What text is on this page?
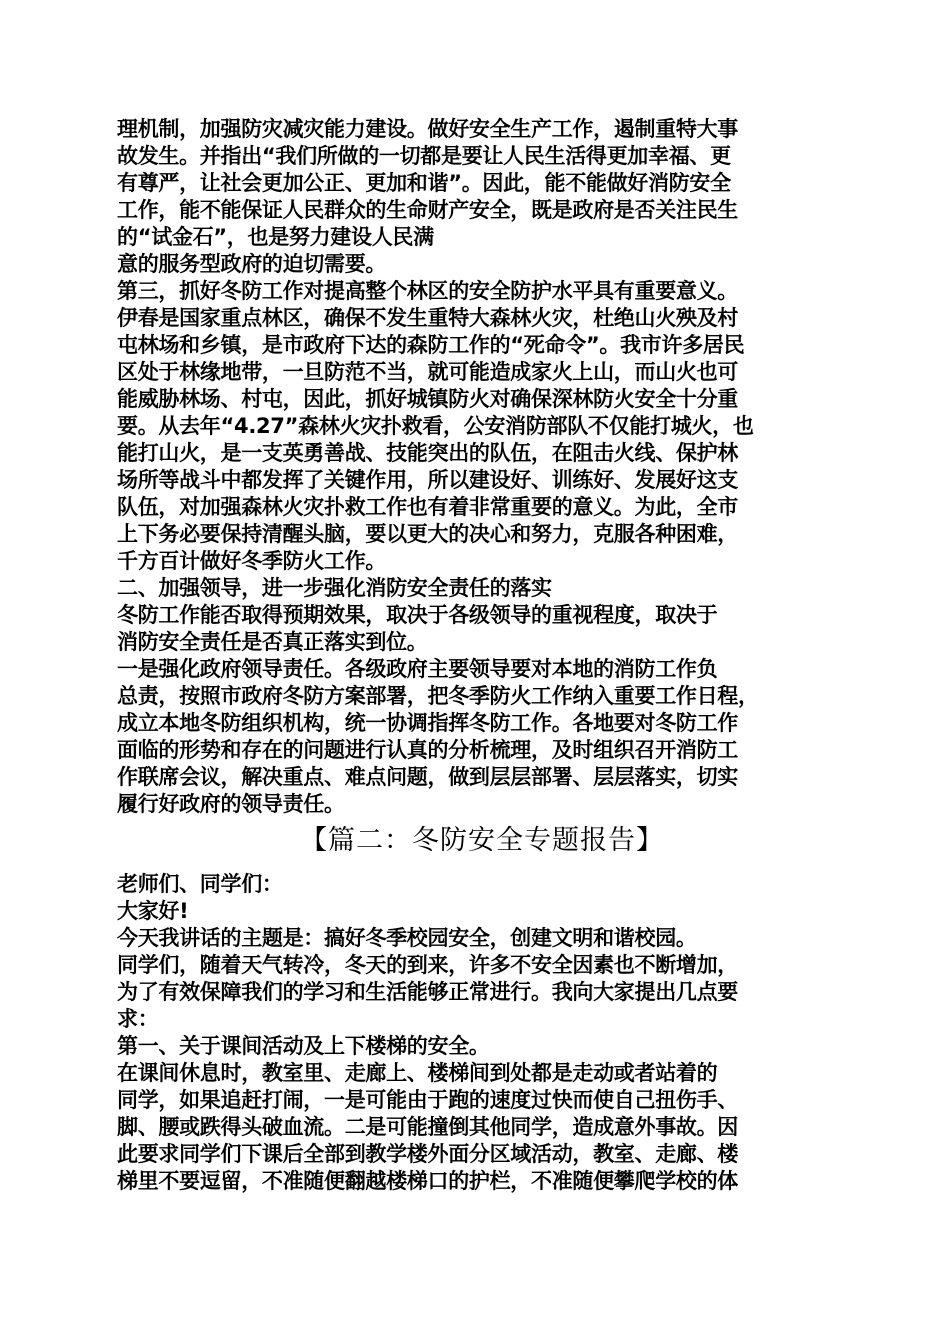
理机制，加强防灾减灾能力建设。做好安全生产工作，遏制重特大事
故发生。并指出“我们所做的一切都是要让人民生活得更加幸福、更
有尊严，让社会更加公正、更加和谐”。因此，能不能做好消防安全
工作，能不能保证人民群众的生命财产安全，既是政府是否关注民生
的“试金石”，也是努力建设人民满
意的服务型政府的迫切需要。
第三，抓好冬防工作对提高整个林区的安全防护水平具有重要意义。
伊春是国家重点林区，确保不发生重特大森林火灾，杜绝山火殃及村
屯林场和乡镇，是市政府下达的森防工作的“死命令”。我市许多居民
区处于林缘地带，一旦防范不当，就可能造成家火上山，而山火也可
能威胁林场、村屯，因此，抓好城镇防火对确保深林防火安全十分重
要。从去年“4.27”森林火灾扑救看，公安消防部队不仅能打城火，也
能打山火，是一支英勇善战、技能突出的队伍，在阻击火线、保护林
场所等战斗中都发挥了关键作用，所以建设好、训练好、发展好这支
队伍，对加强森林火灾扑救工作也有着非常重要的意义。为此，全市
上下务必要保持清醒头脑，要以更大的决心和努力，克服各种困难，
千方百计做好冬季防火工作。
二、加强领导，进一步强化消防安全责任的落实
冬防工作能否取得预期效果，取决于各级领导的重视程度，取决于
消防安全责任是否真正落实到位。
一是强化政府领导责任。各级政府主要领导要对本地的消防工作负
总责，按照市政府冬防方案部署，把冬季防火工作纳入重要工作日程，
成立本地冬防组织机构，统一协调指挥冬防工作。各地要对冬防工作
面临的形势和存在的问题进行认真的分析梳理，及时组织召开消防工
作联席会议，解决重点、难点问题，做到层层部署、层层落实，切实
履行好政府的领导责任。
【篇二：冬防安全专题报告】
老师们、同学们：
大家好!
今天我讲话的主题是：搞好冬季校园安全，创建文明和谐校园。
同学们，随着天气转冷，冬天的到来，许多不安全因素也不断增加，
为了有效保障我们的学习和生活能够正常进行。我向大家提出几点要
求：
第一、关于课间活动及上下楼梯的安全。
在课间休息时，教室里、走廊上、楼梯间到处都是走动或者站着的
同学，如果追赶打闹，一是可能由于跑的速度过快而使自己扭伤手、
脚、腰或跌得头破血流。二是可能撞倒其他同学，造成意外事故。因
此要求同学们下课后全部到教学楼外面分区域活动，教室、走廊、楼
梯里不要逗留，不准随便翻越楼梯口的护栏，不准随便攀爬学校的体
